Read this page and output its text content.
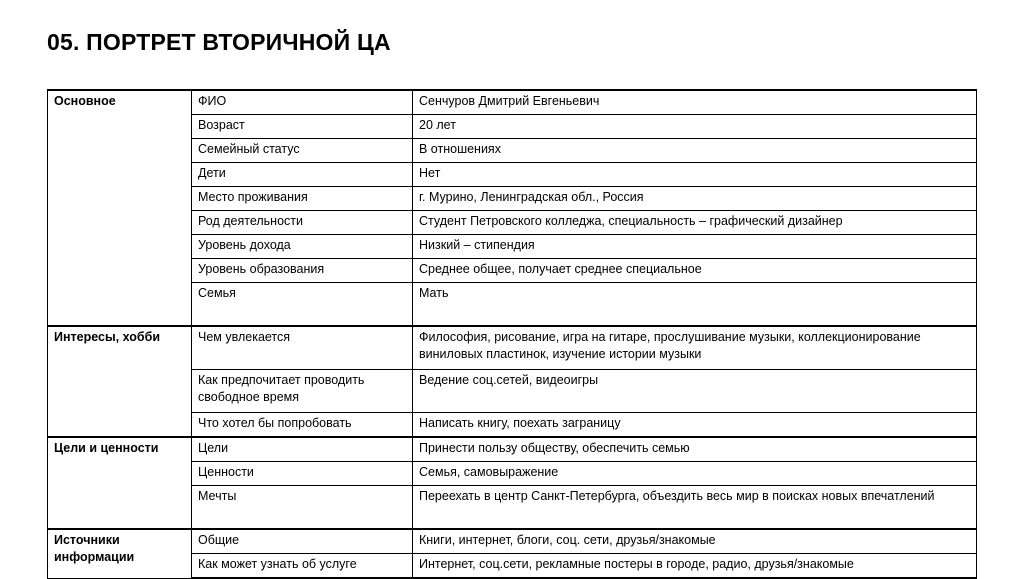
05. ПОРТРЕТ ВТОРИЧНОЙ ЦА
Основное	ФИО	Сенчуров Дмитрий Евгеньевич
	Возраст	20 лет
	Семейный статус	В отношениях
	Дети	Нет
	Место проживания	г. Мурино, Ленинградская обл., Россия
	Род деятельности	Студент Петровского колледжа, специальность – графический дизайнер
	Уровень дохода	Низкий – стипендия
	Уровень образования	Среднее общее, получает среднее специальное
	Семья	Мать
Интересы, хобби	Чем увлекается	Философия, рисование, игра на гитаре, прослушивание музыки, коллекционирование виниловых пластинок, изучение истории музыки
	Как предпочитает проводить свободное время	Ведение соц.сетей, видеоигры
	Что хотел бы попробовать	Написать книгу, поехать заграницу
Цели и ценности	Цели	Принести пользу обществу, обеспечить семью
	Ценности	Семья, самовыражение
	Мечты	Переехать в центр Санкт-Петербурга, объездить весь мир в поисках новых впечатлений
Источники информации	Общие	Книги, интернет, блоги, соц. сети, друзья/знакомые
	Как может узнать об услуге	Интернет, соц.сети, рекламные постеры в городе, радио, друзья/знакомые
